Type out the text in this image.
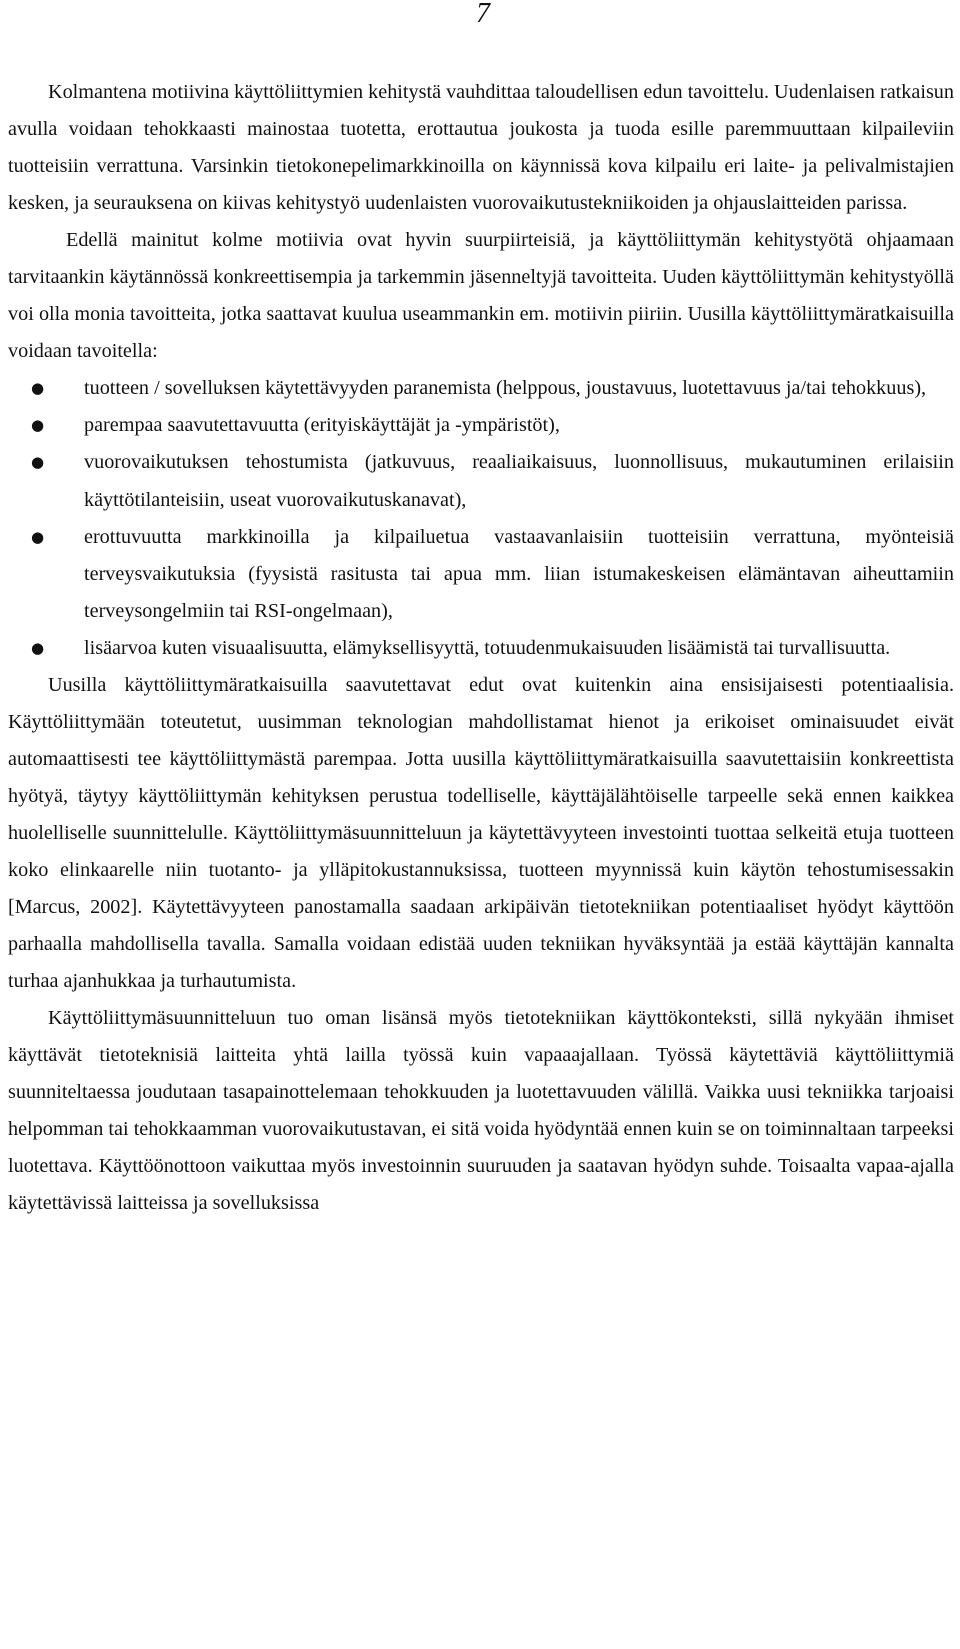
7

Kolmantena motiivina käyttöliittymien kehitystä vauhdittaa taloudellisen edun tavoittelu. Uudenlaisen ratkaisun avulla voidaan tehokkaasti mainostaa tuotetta, erottautua joukosta ja tuoda esille paremmuuttaan kilpaileviin tuotteisiin verrattuna. Varsinkin tietokonepelimarkkinoilla on käynnissä kova kilpailu eri laite- ja pelivalmistajien kesken, ja seurauksena on kiivas kehitystyö uudenlaisten vuorovaikutustekniikoiden ja ohjauslaitteiden parissa.

Edellä mainitut kolme motiivia ovat hyvin suurpiirteisiä, ja käyttöliittymän kehitystyötä ohjaamaan tarvitaankin käytännössä konkreettisempia ja tarkemmin jäsenneltyjä tavoitteita. Uuden käyttöliittymän kehitystyöllä voi olla monia tavoitteita, jotka saattavat kuulua useammankin em. motiivin piiriin. Uusilla käyttöliittymäratkaisuilla voidaan tavoitella:

● tuotteen / sovelluksen käytettävyyden paranemista (helppous, joustavuus, luotettavuus ja/tai tehokkuus),
● parempaa saavutettavuutta (erityiskäyttäjät ja -ympäristöt),
● vuorovaikutuksen tehostumista (jatkuvuus, reaaliaikaisuus, luonnollisuus, mukautuminen erilaisiin käyttötilanteisiin, useat vuorovaikutuskanavat),
● erottuvuutta markkinoilla ja kilpailuetua vastaavanlaisiin tuotteisiin verrattuna, myönteisiä terveysvaikutuksia (fyysistä rasitusta tai apua mm. liian istumakeskeisen elämäntavan aiheuttamiin terveysongelmiin tai RSI-ongelmaan),
● lisäarvoa kuten visuaalisuutta, elämyksellisyyttä, totuudenmukaisuuden lisäämistä tai turvallisuutta.

Uusilla käyttöliittymäratkaisuilla saavutettavat edut ovat kuitenkin aina ensisijaisesti potentiaalisia. Käyttöliittymään toteutetut, uusimman teknologian mahdollistamat hienot ja erikoiset ominaisuudet eivät automaattisesti tee käyttöliittymästä parempaa. Jotta uusilla käyttöliittymäratkaisuilla saavutettaisiin konkreettista hyötyä, täytyy käyttöliittymän kehityksen perustua todelliselle, käyttäjälähtöiselle tarpeelle sekä ennen kaikkea huolelliselle suunnittelulle. Käyttöliittymäsuunnitteluun ja käytettävyyteen investointi tuottaa selkeitä etuja tuotteen koko elinkaarelle niin tuotanto- ja ylläpitokustannuksissa, tuotteen myynnissä kuin käytön tehostumisessakin [Marcus, 2002]. Käytettävyyteen panostamalla saadaan arkipäivän tietotekniikan potentiaaliset hyödyt käyttöön parhaalla mahdollisella tavalla. Samalla voidaan edistää uuden tekniikan hyväksyntää ja estää käyttäjän kannalta turhaa ajanhukkaa ja turhautumista.

Käyttöliittymäsuunnitteluun tuo oman lisänsä myös tietotekniikan käyttökonteksti, sillä nykyään ihmiset käyttävät tietoteknisiä laitteita yhtä lailla työssä kuin vapaaajallaan. Työssä käytettäviä käyttöliittymiä suunniteltaessa joudutaan tasapainottelemaan tehokkuuden ja luotettavuuden välillä. Vaikka uusi tekniikka tarjoaisi helpomman tai tehokkaamman vuorovaikutustavan, ei sitä voida hyödyntää ennen kuin se on toiminnaltaan tarpeeksi luotettava. Käyttöönottoon vaikuttaa myös investoinnin suuruuden ja saatavan hyödyn suhde. Toisaalta vapaa-ajalla käytettävissä laitteissa ja sovelluksissa
